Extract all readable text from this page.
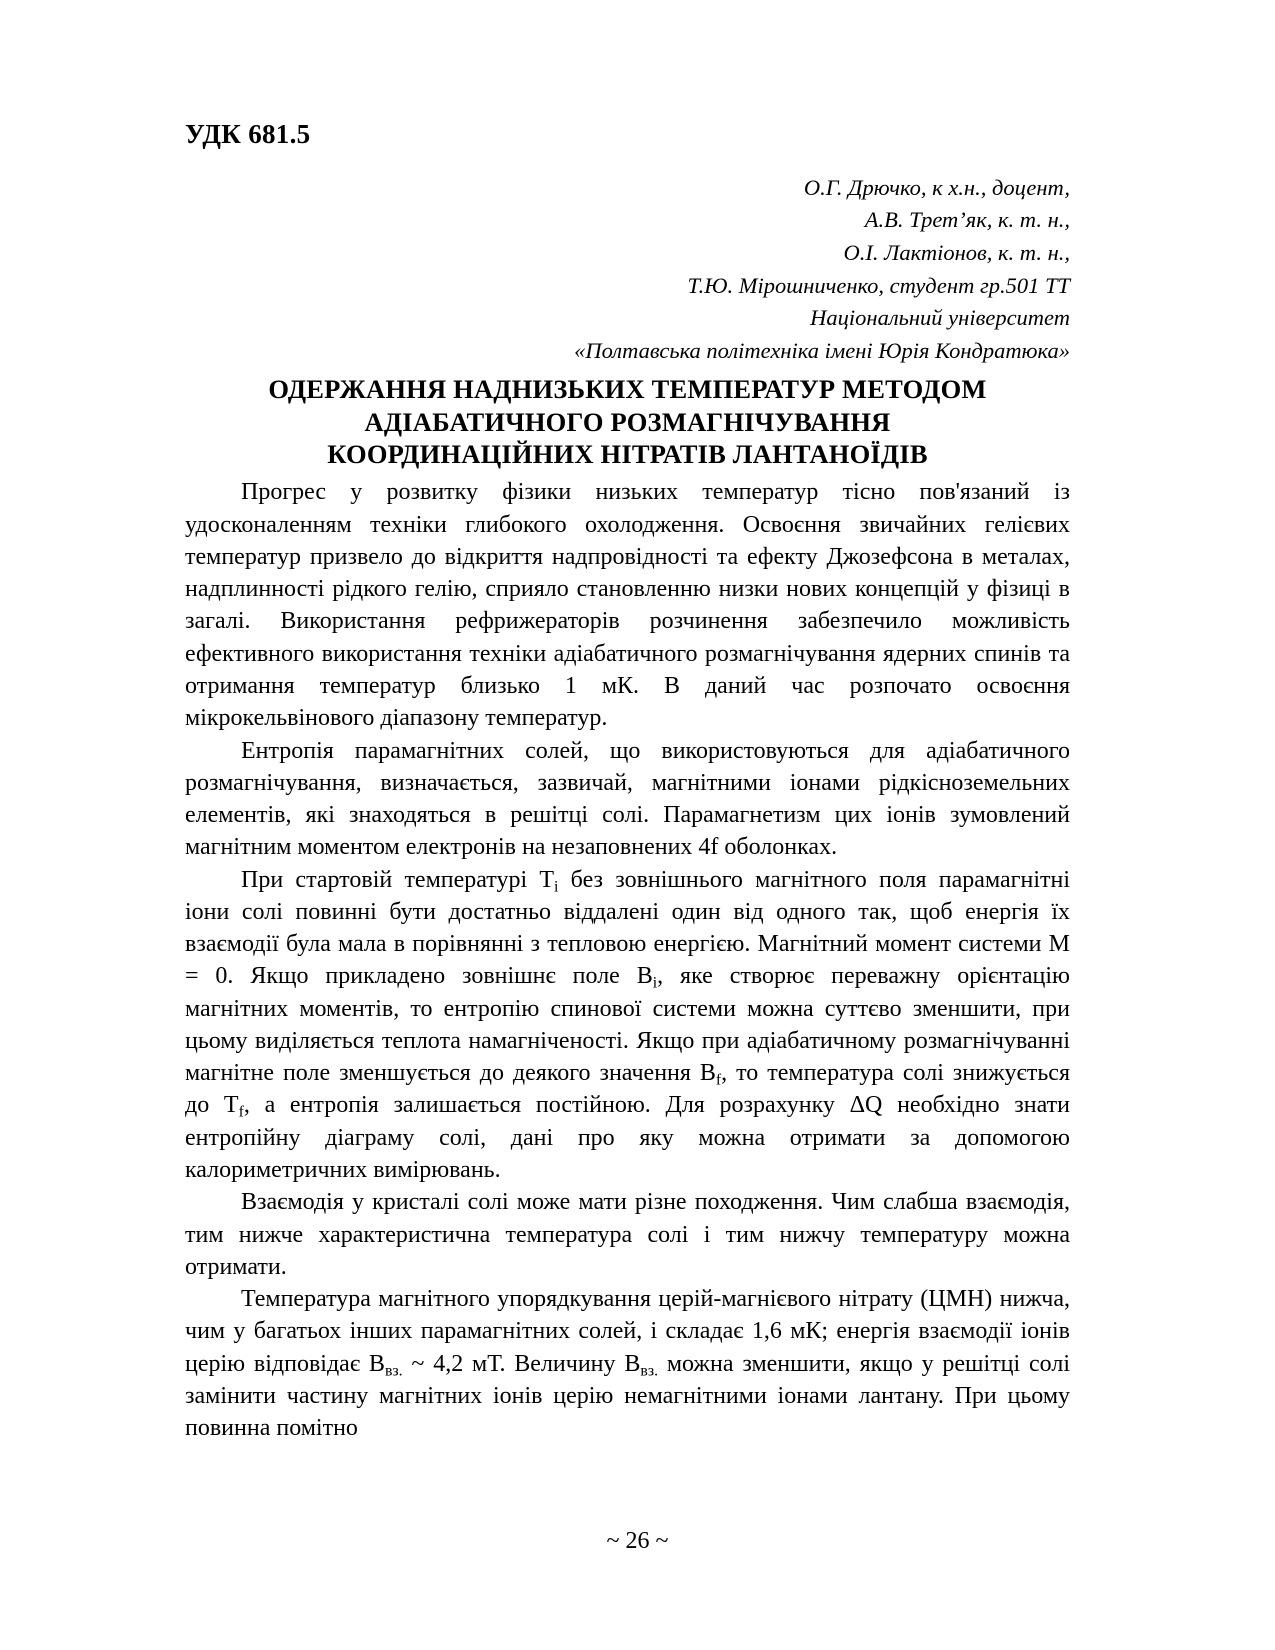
УДК 681.5
О.Г. Дрючко, к х.н., доцент,
А.В. Трет’як, к. т. н.,
О.І. Лактіонов, к. т. н.,
Т.Ю. Мірошниченко, студент гр.501 ТТ
Національний університет
«Полтавська політехніка імені Юрія Кондратюка»
ОДЕРЖАННЯ НАДНИЗЬКИХ ТЕМПЕРАТУР МЕТОДОМ
АДІАБАТИЧНОГО РОЗМАГНІЧУВАННЯ
КООРДИНАЦІЙНИХ НІТРАТІВ ЛАНТАНОЇДІВ

Прогрес у розвитку фізики низьких температур тісно пов'язаний із удосконаленням техніки глибокого охолодження. Освоєння звичайних гелієвих температур призвело до відкриття надпровідності та ефекту Джозефсона в металах, надплинності рідкого гелію, сприяло становленню низки нових концепцій у фізиці в загалі. Використання рефрижераторів розчинення забезпечило можливість ефективного використання техніки адіабатичного розмагнічування ядерних спинів та отримання температур близько 1 мК. В даний час розпочато освоєння мікрокельвінового діапазону температур.

Ентропія парамагнітних солей, що використовуються для адіабатичного розмагнічування, визначається, зазвичай, магнітними іонами рідкісноземельних елементів, які знаходяться в решітці солі. Парамагнетизм цих іонів зумовлений магнітним моментом електронів на незаповнених 4f оболонках.

При стартовій температурі $T_i$ без зовнішнього магнітного поля парамагнітні іони солі повинні бути достатньо віддалені один від одного так, щоб енергія їх взаємодії була мала в порівнянні з тепловою енергією. Магнітний момент системи М = 0. Якщо прикладено зовнішнє поле $В_i$, яке створює переважну орієнтацію магнітних моментів, то ентропію спинової системи можна суттєво зменшити, при цьому виділяється теплота намагніченості. Якщо при адіабатичному розмагнічуванні магнітне поле зменшується до деякого значення $В_f$, то температура солі знижується до $Т_f$, а ентропія залишається постійною. Для розрахунку ΔQ необхідно знати ентропійну діаграму солі, дані про яку можна отримати за допомогою калориметричних вимірювань.

Взаємодія у кристалі солі може мати різне походження. Чим слабша взаємодія, тим нижче характеристична температура солі і тим нижчу температуру можна отримати.

Температура магнітного упорядкування церій-магнієвого нітрату (ЦМН) нижча, чим у багатьох інших парамагнітних солей, і складає 1,6 мК; енергія взаємодії іонів церію відповідає $В_{вз.}$ ~ 4,2 мТ. Величину $В_{вз.}$ можна зменшити, якщо у решітці солі замінити частину магнітних іонів церію немагнітними іонами лантану. При цьому повинна помітно

~ 26 ~
